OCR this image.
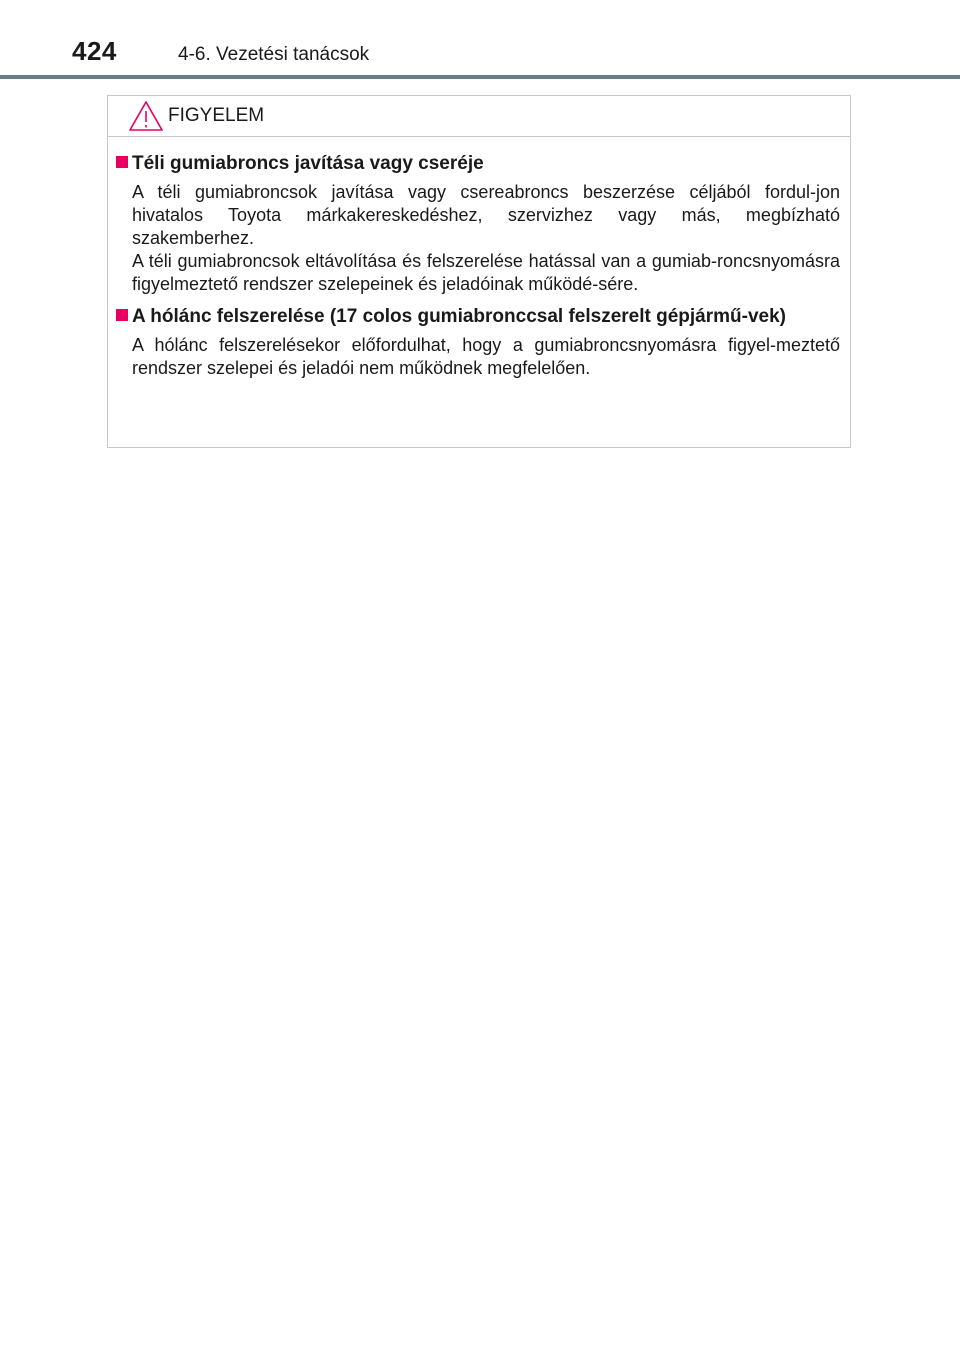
424	4-6. Vezetési tanácsok
FIGYELEM
Téli gumiabroncs javítása vagy cseréje

A téli gumiabroncsok javítása vagy csereabroncs beszerzése céljából fordul-jon hivatalos Toyota márkakereskedéshez, szervizhez vagy más, megbízható szakemberhez.

A téli gumiabroncsok eltávolítása és felszerelése hatással van a gumiab-roncsnyomásra figyelmeztető rendszer szelepeinek és jeladóinak működé-sére.

A hólánc felszerelése (17 colos gumiabronccsal felszerelt gépjármű-vek)

A hólánc felszerelésekor előfordulhat, hogy a gumiabroncsnyomásra figyel-meztető rendszer szelepei és jeladói nem működnek megfelelően.
